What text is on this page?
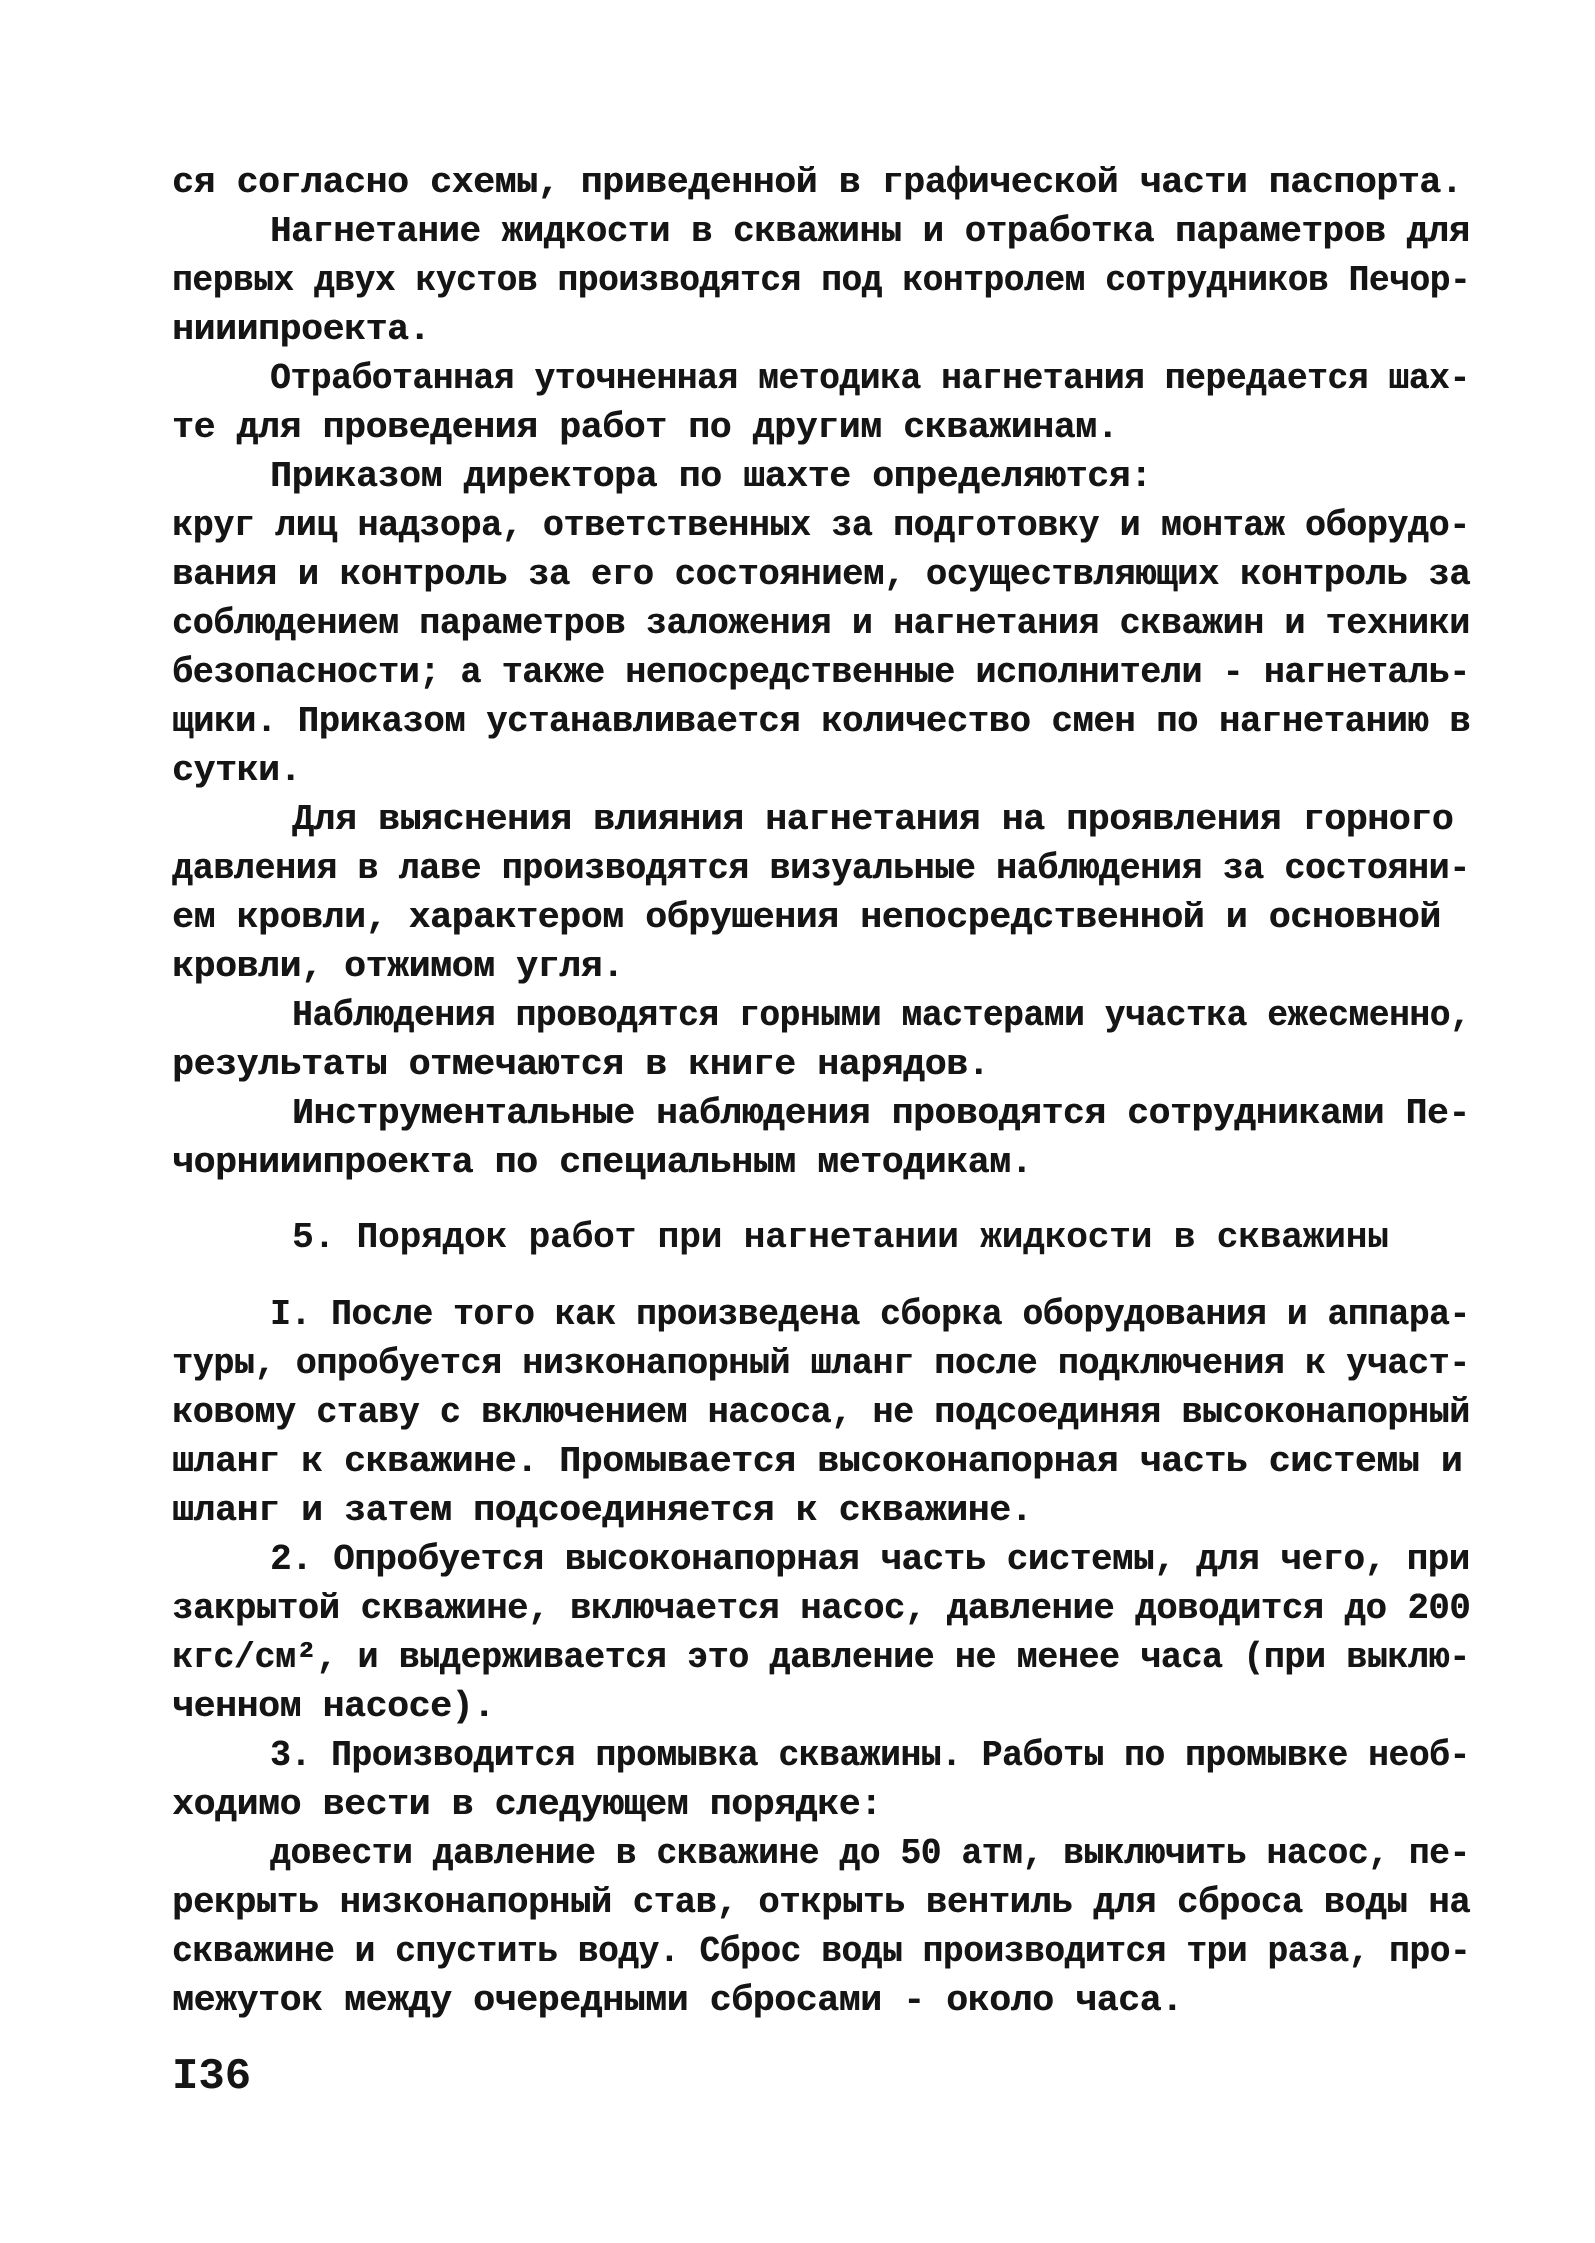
ся согласно схемы, приведенной в графической части паспорта.
Нагнетание жидкости в скважины и отработка параметров для
первых двух кустов производятся под контролем сотрудников Печор-
нииипроекта.
Отработанная уточненная методика нагнетания передается шах-
те для проведения работ по другим скважинам.
Приказом директора по шахте определяются:
круг лиц надзора, ответственных за подготовку и монтаж оборудо-
вания и контроль за его состоянием, осуществляющих контроль за
соблюдением параметров заложения и нагнетания скважин и техники
безопасности; а также непосредственные исполнители - нагнеталь-
щики. Приказом устанавливается количество смен по нагнетанию в
сутки.
Для выяснения влияния нагнетания на проявления горного
давления в лаве производятся визуальные наблюдения за состояни-
ем кровли, характером обрушения непосредственной и основной
кровли, отжимом угля.
Наблюдения проводятся горными мастерами участка ежесменно,
результаты отмечаются в книге нарядов.
Инструментальные наблюдения проводятся сотрудниками Пе-
чорнииипроекта по специальным методикам.
5. Порядок работ при нагнетании жидкости в скважины
I. После того как произведена сборка оборудования и аппара-
туры, опробуется низконапорный шланг после подключения к участ-
ковому ставу с включением насоса, не подсоединяя высоконапорный
шланг к скважине. Промывается высоконапорная часть системы и
шланг и затем подсоединяется к скважине.
2. Опробуется высоконапорная часть системы, для чего, при
закрытой скважине, включается насос, давление доводится до 200
кгс/см², и выдерживается это давление не менее часа (при выклю-
ченном насосе).
3. Производится промывка скважины. Работы по промывке необ-
ходимо вести в следующем порядке:
довести давление в скважине до 50 атм, выключить насос, пе-
рекрыть низконапорный став, открыть вентиль для сброса воды на
скважине и спустить воду. Сброс воды производится три раза, про-
межуток между очередными сбросами - около часа.
I36
